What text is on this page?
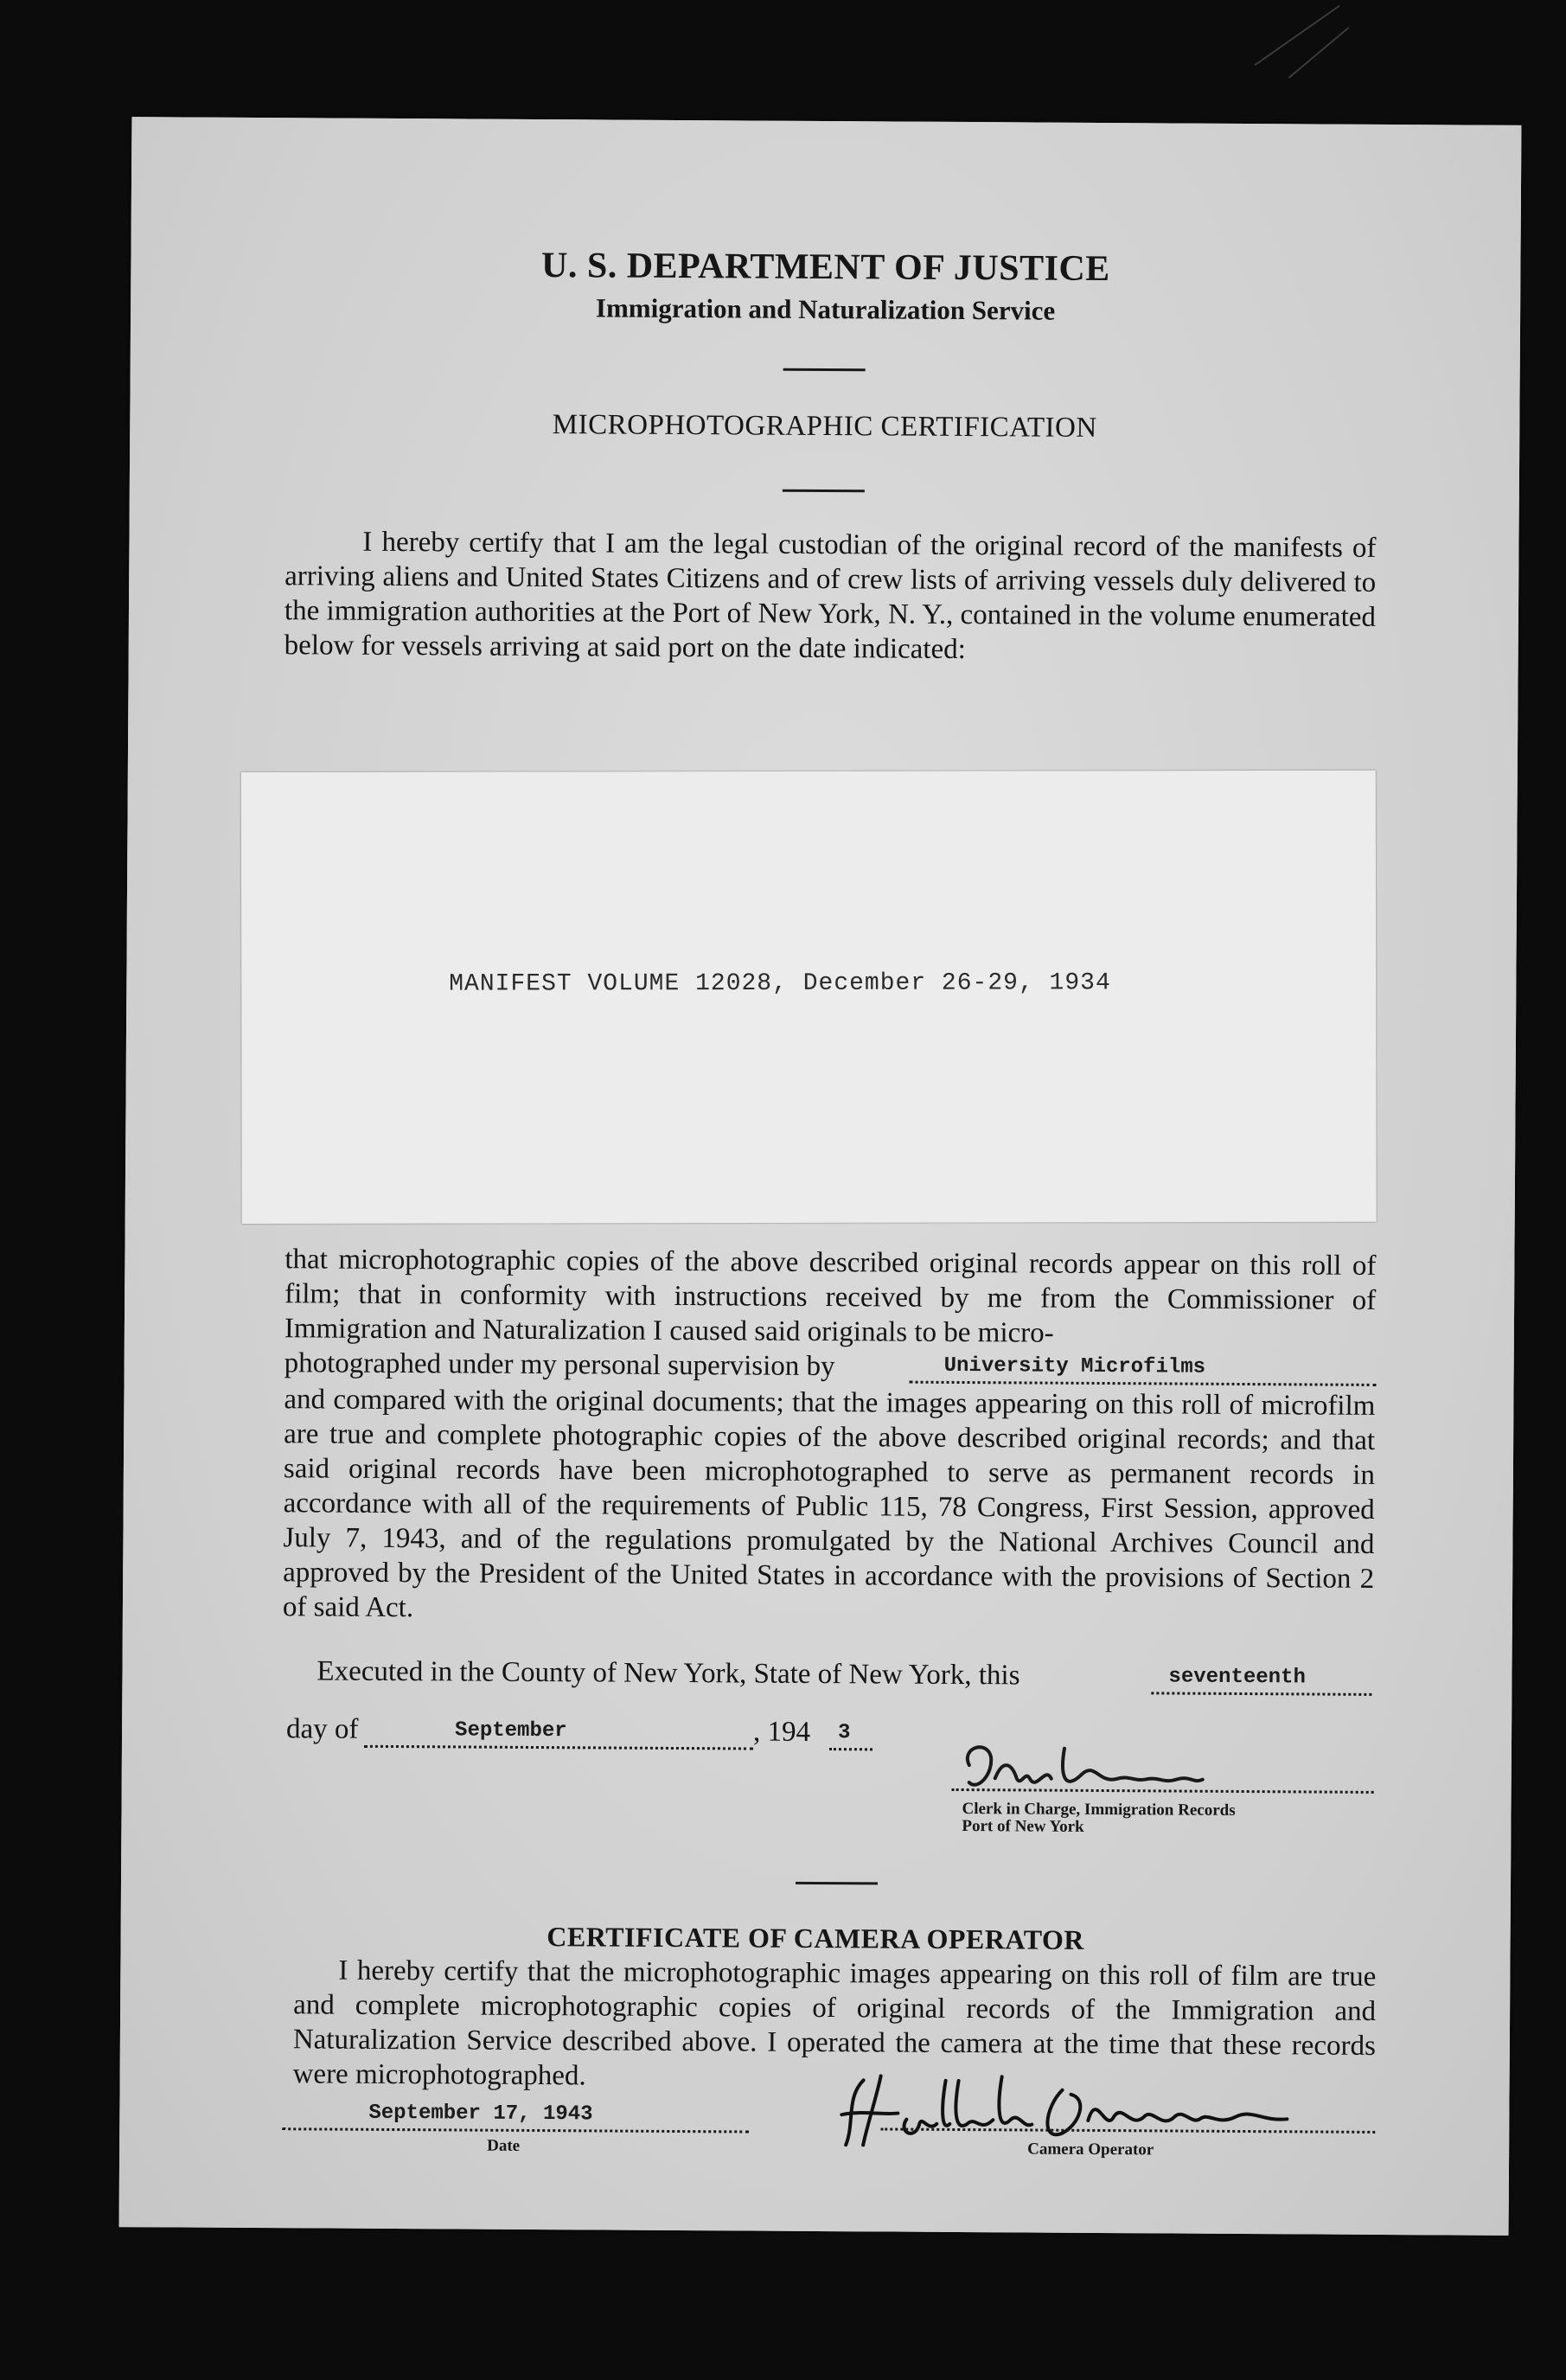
U. S. DEPARTMENT OF JUSTICE
Immigration and Naturalization Service
MICROPHOTOGRAPHIC CERTIFICATION
I hereby certify that I am the legal custodian of the original record of the manifests of arriving aliens and United States Citizens and of crew lists of arriving vessels duly delivered to the immigration authorities at the Port of New York, N. Y., contained in the volume enumerated below for vessels arriving at said port on the date indicated:
MANIFEST VOLUME 12028, December 26-29, 1934
that microphotographic copies of the above described original records appear on this roll of film; that in conformity with instructions received by me from the Commissioner of Immigration and Naturalization I caused said originals to be micro-
photographed under my personal supervision by	University Microfilms
and compared with the original documents; that the images appearing on this roll of microfilm are true and complete photographic copies of the above described original records; and that said original records have been microphotographed to serve as permanent records in accordance with all of the requirements of Public 115, 78 Congress, First Session, approved July 7, 1943, and of the regulations promulgated by the National Archives Council and approved by the President of the United States in accordance with the provisions of Section 2 of said Act.
Executed in the County of New York, State of New York, this	seventeenth
day of	September	, 194 3
Clerk in Charge, Immigration Records
Port of New York
CERTIFICATE OF CAMERA OPERATOR
I hereby certify that the microphotographic images appearing on this roll of film are true and complete microphotographic copies of original records of the Immigration and Naturalization Service described above. I operated the camera at the time that these records were microphotographed.
September 17, 1943
Date	Camera Operator
